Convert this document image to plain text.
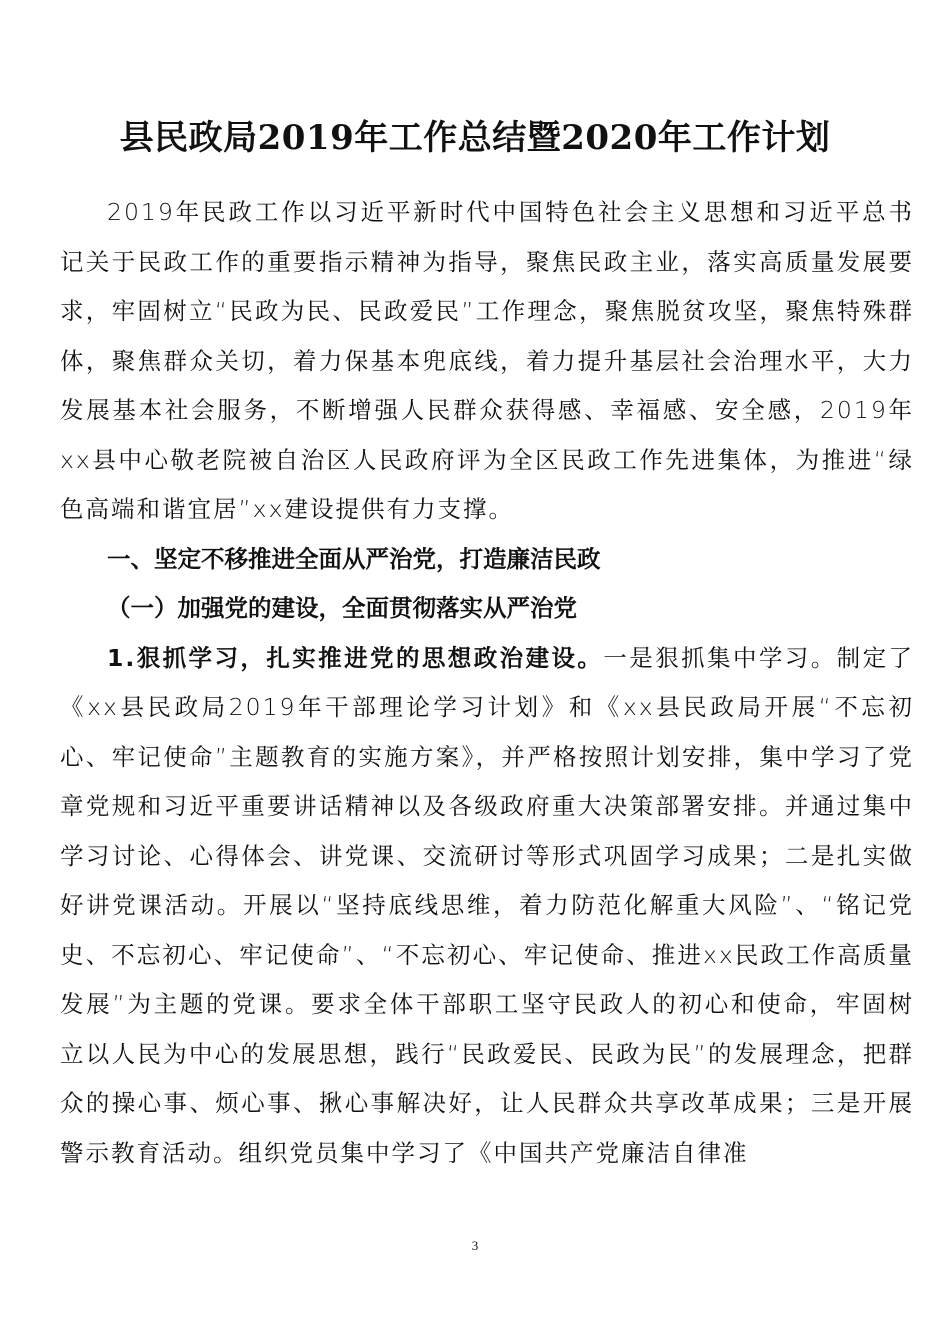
县民政局2019年工作总结暨2020年工作计划

2019年民政工作以习近平新时代中国特色社会主义思想和习近平总书记关于民政工作的重要指示精神为指导，聚焦民政主业，落实高质量发展要求，牢固树立“民政为民、民政爱民”工作理念，聚焦脱贫攻坚，聚焦特殊群体，聚焦群众关切，着力保基本兜底线，着力提升基层社会治理水平，大力发展基本社会服务，不断增强人民群众获得感、幸福感、安全感，2019年xx县中心敬老院被自治区人民政府评为全区民政工作先进集体，为推进“绿色高端和谐宜居”xx建设提供有力支撑。

一、坚定不移推进全面从严治党，打造廉洁民政

（一）加强党的建设，全面贯彻落实从严治党

1.狠抓学习，扎实推进党的思想政治建设。一是狠抓集中学习。制定了《xx县民政局2019年干部理论学习计划》和《xx县民政局开展“不忘初心、牢记使命”主题教育的实施方案》，并严格按照计划安排，集中学习了党章党规和习近平重要讲话精神以及各级政府重大决策部署安排。并通过集中学习讨论、心得体会、讲党课、交流研讨等形式巩固学习成果；二是扎实做好讲党课活动。开展以“坚持底线思维，着力防范化解重大风险”、“铭记党史、不忘初心、牢记使命”、“不忘初心、牢记使命、推进xx民政工作高质量发展”为主题的党课。要求全体干部职工坚守民政人的初心和使命，牢固树立以人民为中心的发展思想，践行“民政爱民、民政为民”的发展理念，把群众的操心事、烦心事、揪心事解决好，让人民群众共享改革成果；三是开展警示教育活动。组织党员集中学习了《中国共产党廉洁自律准

3
